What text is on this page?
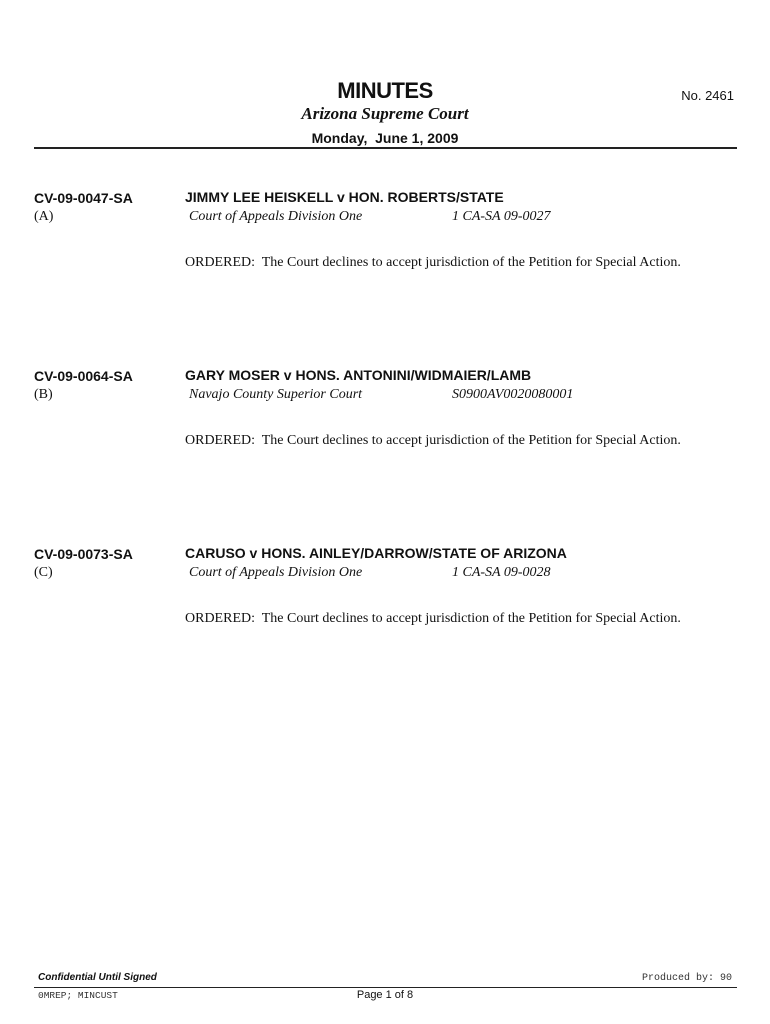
MINUTES	No. 2461
Arizona Supreme Court
Monday,  June 1, 2009
CV-09-0047-SA
(A)
JIMMY LEE HEISKELL v HON. ROBERTS/STATE
Court of Appeals Division One	1 CA-SA 09-0027
ORDERED:  The Court declines to accept jurisdiction of the Petition for Special Action.
CV-09-0064-SA
(B)
GARY MOSER v HONS. ANTONINI/WIDMAIER/LAMB
Navajo County Superior Court	S0900AV0020080001
ORDERED:  The Court declines to accept jurisdiction of the Petition for Special Action.
CV-09-0073-SA
(C)
CARUSO v HONS. AINLEY/DARROW/STATE OF ARIZONA
Court of Appeals Division One	1 CA-SA 09-0028
ORDERED:  The Court declines to accept jurisdiction of the Petition for Special Action.
Confidential Until Signed	Produced by: 90
0MREP; MINCUST	Page 1 of 8
